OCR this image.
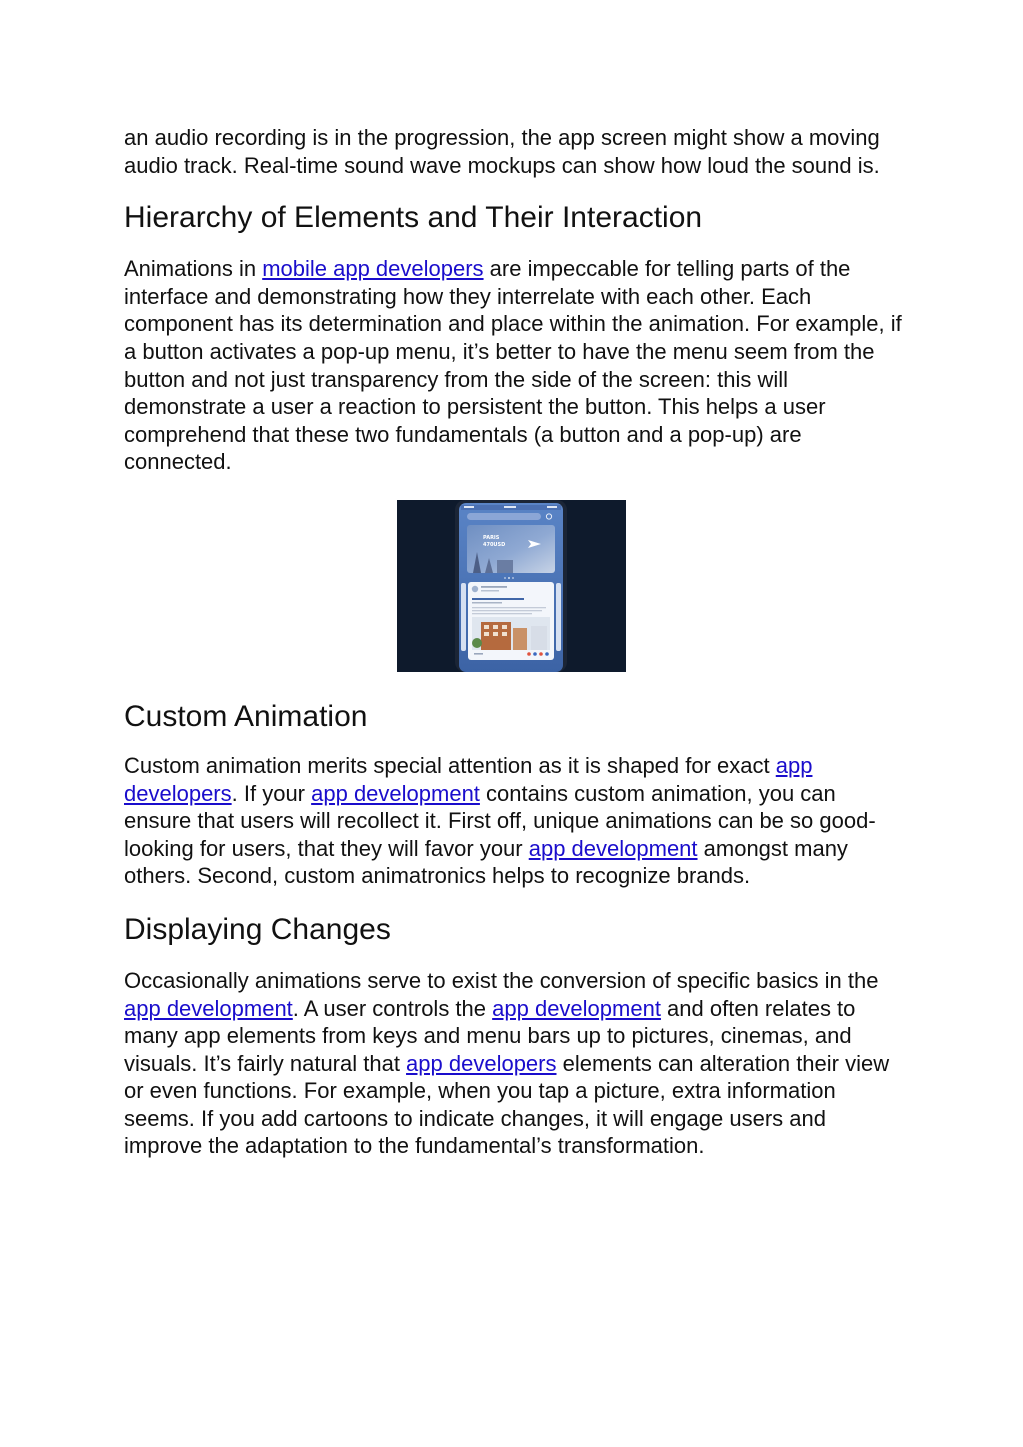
an audio recording is in the progression, the app screen might show a moving audio track. Real-time sound wave mockups can show how loud the sound is.

Hierarchy of Elements and Their Interaction

Animations in mobile app developers are impeccable for telling parts of the interface and demonstrating how they interrelate with each other. Each component has its determination and place within the animation. For example, if a button activates a pop-up menu, it’s better to have the menu seem from the button and not just transparency from the side of the screen: this will demonstrate a user a reaction to persistent the button. This helps a user comprehend that these two fundamentals (a button and a pop-up) are connected.

PARIS
470USD
Custom Animation

Custom animation merits special attention as it is shaped for exact app developers. If your app development contains custom animation, you can ensure that users will recollect it. First off, unique animations can be so good-looking for users, that they will favor your app development amongst many others. Second, custom animatronics helps to recognize brands.

Displaying Changes

Occasionally animations serve to exist the conversion of specific basics in the app development. A user controls the app development and often relates to many app elements from keys and menu bars up to pictures, cinemas, and visuals. It’s fairly natural that app developers elements can alteration their view or even functions. For example, when you tap a picture, extra information seems. If you add cartoons to indicate changes, it will engage users and improve the adaptation to the fundamental’s transformation.
